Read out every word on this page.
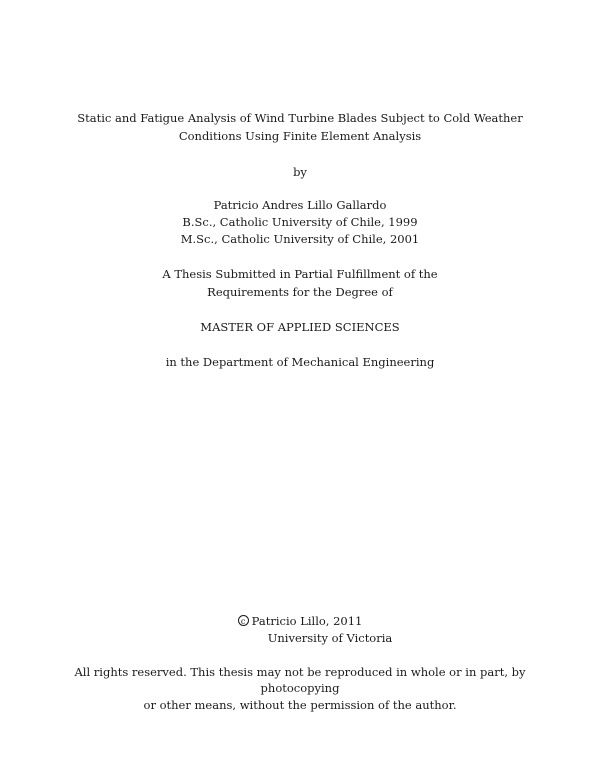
Static and Fatigue Analysis of Wind Turbine Blades Subject to Cold Weather
Conditions Using Finite Element Analysis
by
Patricio Andres Lillo Gallardo
B.Sc., Catholic University of Chile, 1999
M.Sc., Catholic University of Chile, 2001
A Thesis Submitted in Partial Fulfillment of the
Requirements for the Degree of
MASTER OF APPLIED SCIENCES
in the Department of Mechanical Engineering
c Patricio Lillo, 2011
University of Victoria
All rights reserved. This thesis may not be reproduced in whole or in part, by
photocopying
or other means, without the permission of the author.
